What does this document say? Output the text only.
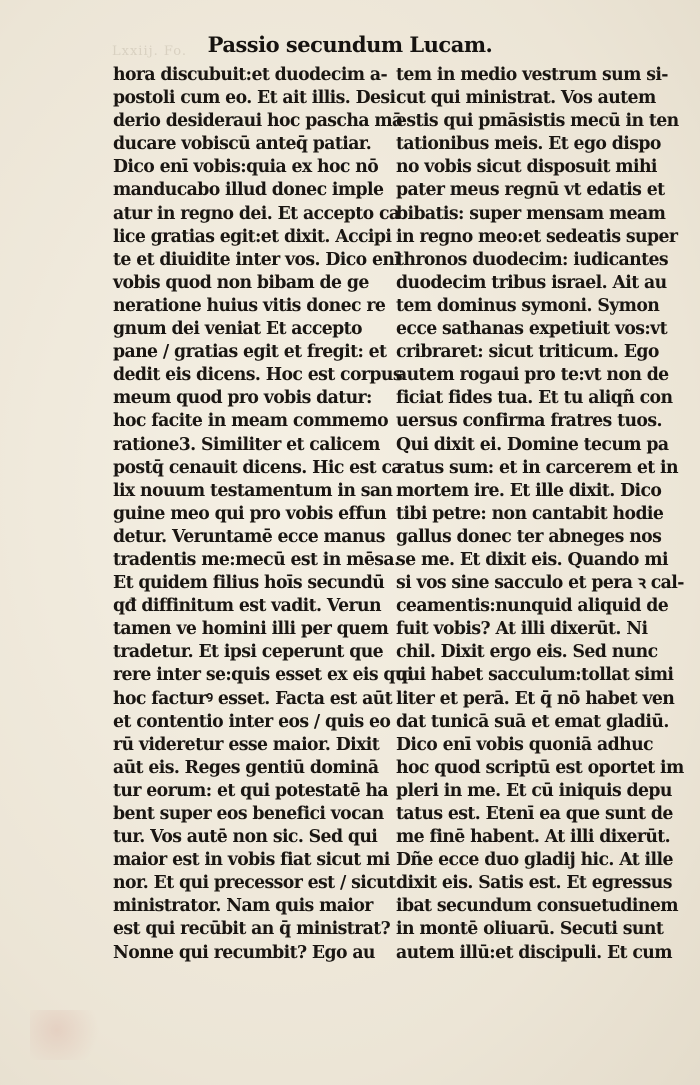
Lxxiij. Fo. Passio secundum Lucam.
hora discubuit:et duodecim a-
postoli cum eo. Et ait illis. Desi
derio desideraui hoc pascha mā
ducare vobiscū anteq̄ patiar.
Dico enī vobis:quia ex hoc nō
manducabo illud donec imple
atur in regno dei. Et accepto ca
lice gratias egit:et dixit. Accipi
te et diuidite inter vos. Dico enī
vobis quod non bibam de ge
neratione huius vitis donec re
gnum dei veniat Et accepto
pane / gratias egit et fregit: et
dedit eis dicens. Hoc est corpus
meum quod pro vobis datur:
hoc facite in meam commemo
ratione3. Similiter et calicem
postq̄ cenauit dicens. Hic est ca
lix nouum testamentum in san
guine meo qui pro vobis effun
detur. Veruntamē ecce manus
tradentis me:mecū est in mēsa.
Et quidem filius hoīs secundū
qđ diffinitum est vadit. Verun
tamen ve homini illi per quem
tradetur. Et ipsi ceperunt que
rere inter se:quis esset ex eis qui
hoc facturꝰ esset. Facta est aūt
et contentio inter eos / quis eo
rū videretur esse maior. Dixit
aūt eis. Reges gentiū dominā
tur eorum: et qui potestatē ha
bent super eos benefici vocan
tur. Vos autē non sic. Sed qui
maior est in vobis fiat sicut mi
nor. Et qui precessor est / sicut
ministrator. Nam quis maior
est qui recūbit an q̄ ministrat?
Nonne qui recumbit? Ego au
tem in medio vestrum sum si-
cut qui ministrat. Vos autem
estis qui pmāsistis mecū in ten
tationibus meis. Et ego dispo
no vobis sicut disposuit mihi
pater meus regnū vt edatis et
bibatis: super mensam meam
in regno meo:et sedeatis super
thronos duodecim: iudicantes
duodecim tribus israel. Ait au
tem dominus symoni. Symon
ecce sathanas expetiuit vos:vt
cribraret: sicut triticum. Ego
autem rogaui pro te:vt non de
ficiat fides tua. Et tu aliqñ con
uersus confirma fratres tuos.
Qui dixit ei. Domine tecum pa
ratus sum: et in carcerem et in
mortem ire. Et ille dixit. Dico
tibi petre: non cantabit hodie
gallus donec ter abneges nos
se me. Et dixit eis. Quando mi
si vos sine sacculo et pera ꝛ cal-
ceamentis:nunquid aliquid de
fuit vobis? At illi dixerūt. Ni
chil. Dixit ergo eis. Sed nunc
qui habet sacculum:tollat simi
liter et perā. Et q̄ nō habet ven
dat tunicā suā et emat gladiū.
Dico enī vobis quoniā adhuc
hoc quod scriptū est oportet im
pleri in me. Et cū iniquis depu
tatus est. Etenī ea que sunt de
me finē habent. At illi dixerūt.
Dñe ecce duo gladij hic. At ille
dixit eis. Satis est. Et egressus
ibat secundum consuetudinem
in montē oliuarū. Secuti sunt
autem illū:et discipuli. Et cum
